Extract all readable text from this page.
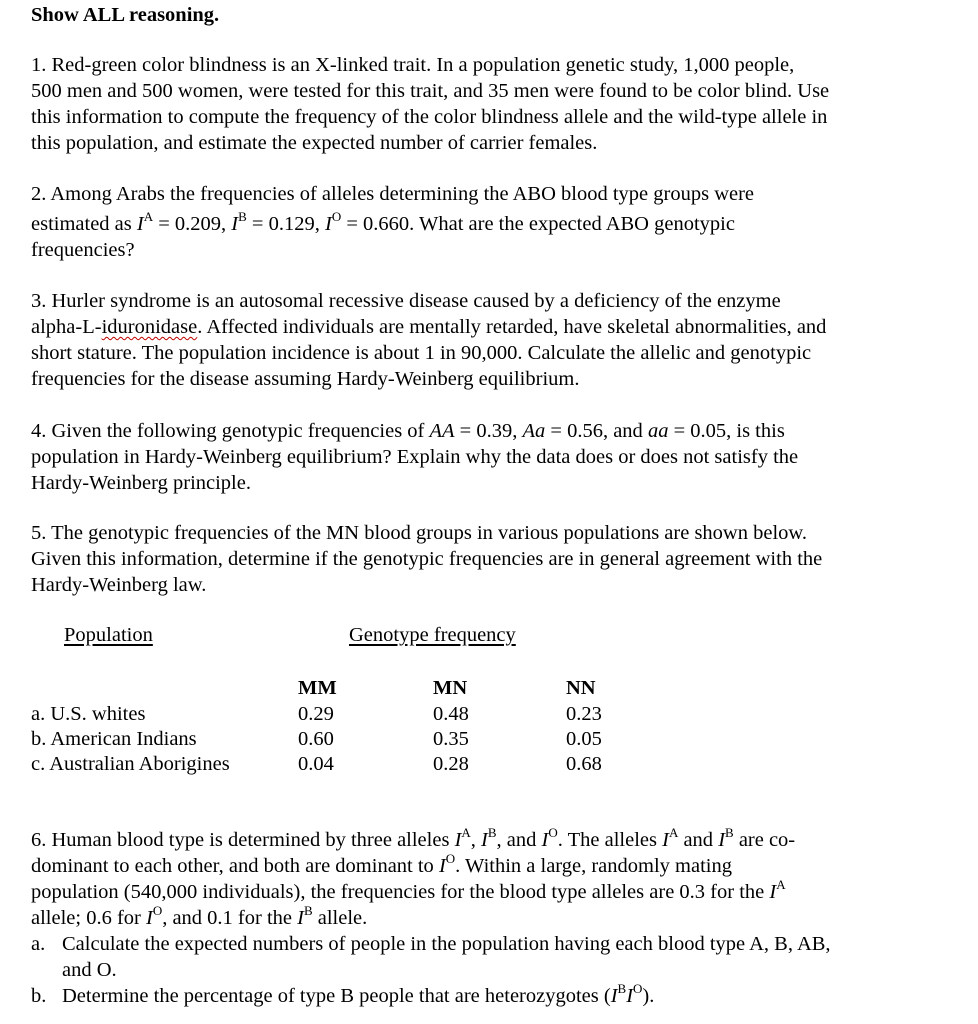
Show ALL reasoning.
1. Red-green color blindness is an X-linked trait. In a population genetic study, 1,000 people,
500 men and 500 women, were tested for this trait, and 35 men were found to be color blind. Use
this information to compute the frequency of the color blindness allele and the wild-type allele in
this population, and estimate the expected number of carrier females.
2. Among Arabs the frequencies of alleles determining the ABO blood type groups were
estimated as $I^A = 0.209$, $I^B = 0.129$, $I^O = 0.660$. What are the expected ABO genotypic
frequencies?
3. Hurler syndrome is an autosomal recessive disease caused by a deficiency of the enzyme
alpha-L-iduronidase. Affected individuals are mentally retarded, have skeletal abnormalities, and
short stature. The population incidence is about 1 in 90,000. Calculate the allelic and genotypic
frequencies for the disease assuming Hardy-Weinberg equilibrium.
4. Given the following genotypic frequencies of AA = 0.39, Aa = 0.56, and aa = 0.05, is this
population in Hardy-Weinberg equilibrium? Explain why the data does or does not satisfy the
Hardy-Weinberg principle.
5. The genotypic frequencies of the MN blood groups in various populations are shown below.
Given this information, determine if the genotypic frequencies are in general agreement with the
Hardy-Weinberg law.
Population	Genotype frequency
MM	MN	NN
a. U.S. whites	0.29	0.48	0.23
b. American Indians	0.60	0.35	0.05
c. Australian Aborigines	0.04	0.28	0.68
6. Human blood type is determined by three alleles $I^A$, $I^B$, and $I^O$. The alleles $I^A$ and $I^B$ are co-
dominant to each other, and both are dominant to $I^O$. Within a large, randomly mating
population (540,000 individuals), the frequencies for the blood type alleles are 0.3 for the $I^A$
allele; 0.6 for $I^O$, and 0.1 for the $I^B$ allele.
a. Calculate the expected numbers of people in the population having each blood type A, B, AB,
and O.
b. Determine the percentage of type B people that are heterozygotes $(I^BI^O)$.
